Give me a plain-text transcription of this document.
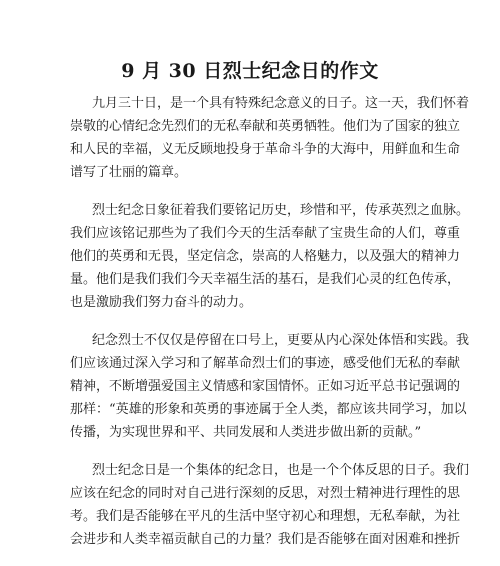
9 月 30 日烈士纪念日的作文
九月三十日，是一个具有特殊纪念意义的日子。这一天，我们怀着
崇敬的心情纪念先烈们的无私奉献和英勇牺牲。他们为了国家的独立
和人民的幸福，义无反顾地投身于革命斗争的大海中，用鲜血和生命
谱写了壮丽的篇章。
烈士纪念日象征着我们要铭记历史，珍惜和平，传承英烈之血脉。
我们应该铭记那些为了我们今天的生活奉献了宝贵生命的人们，尊重
他们的英勇和无畏，坚定信念，崇高的人格魅力，以及强大的精神力
量。他们是我们我们今天幸福生活的基石，是我们心灵的红色传承，
也是激励我们努力奋斗的动力。
纪念烈士不仅仅是停留在口号上，更要从内心深处体悟和实践。我
们应该通过深入学习和了解革命烈士们的事迹，感受他们无私的奉献
精神，不断增强爱国主义情感和家国情怀。正如习近平总书记强调的
那样：“英雄的形象和英勇的事迹属于全人类，都应该共同学习，加以
传播，为实现世界和平、共同发展和人类进步做出新的贡献。”
烈士纪念日是一个集体的纪念日，也是一个个体反思的日子。我们
应该在纪念的同时对自己进行深刻的反思，对烈士精神进行理性的思
考。我们是否能够在平凡的生活中坚守初心和理想，无私奉献，为社
会进步和人类幸福贡献自己的力量？我们是否能够在面对困难和挫折
